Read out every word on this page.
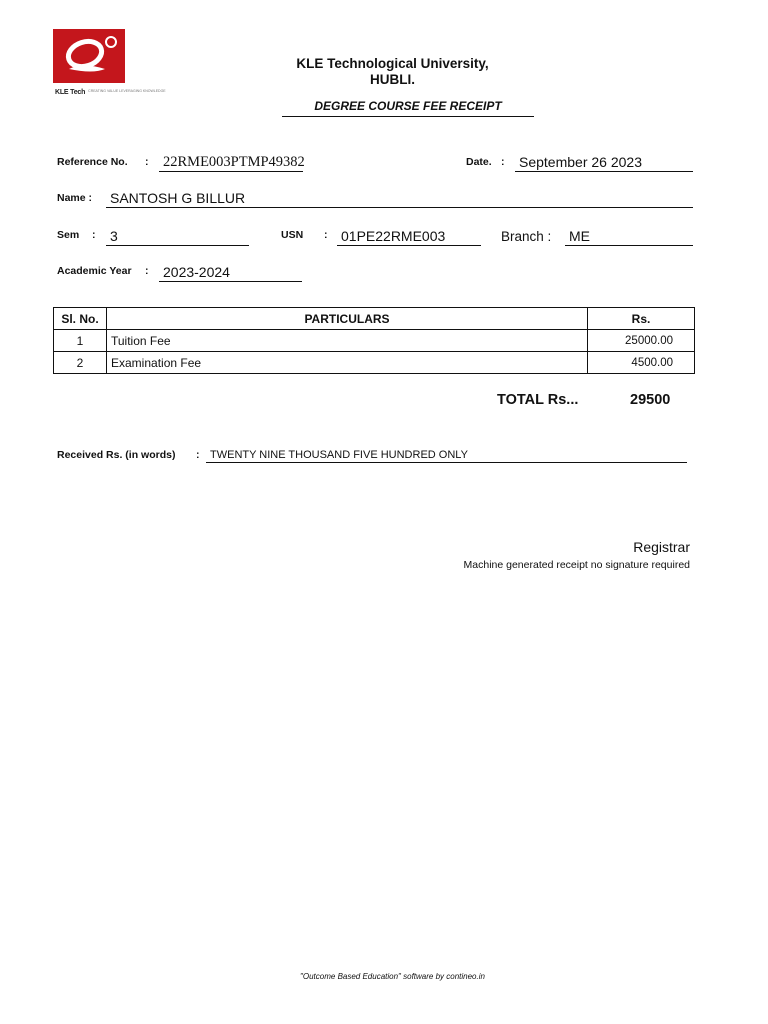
KLE Tech CREATING VALUE LEVERAGING KNOWLEDGE
KLE Technological University,
HUBLI.
DEGREE COURSE FEE RECEIPT
Reference No. : 22RME003PTMP49382	Date. : September 26 2023
Name : SANTOSH G BILLUR
Sem : 3	USN : 01PE22RME003	Branch : ME
Academic Year : 2023-2024
Sl. No.	PARTICULARS	Rs.
1	Tuition Fee	25000.00
2	Examination Fee	4500.00
TOTAL Rs...	29500
Received Rs. (in words) : TWENTY NINE THOUSAND FIVE HUNDRED ONLY
Registrar
Machine generated receipt no signature required
"Outcome Based Education" software by contineo.in
